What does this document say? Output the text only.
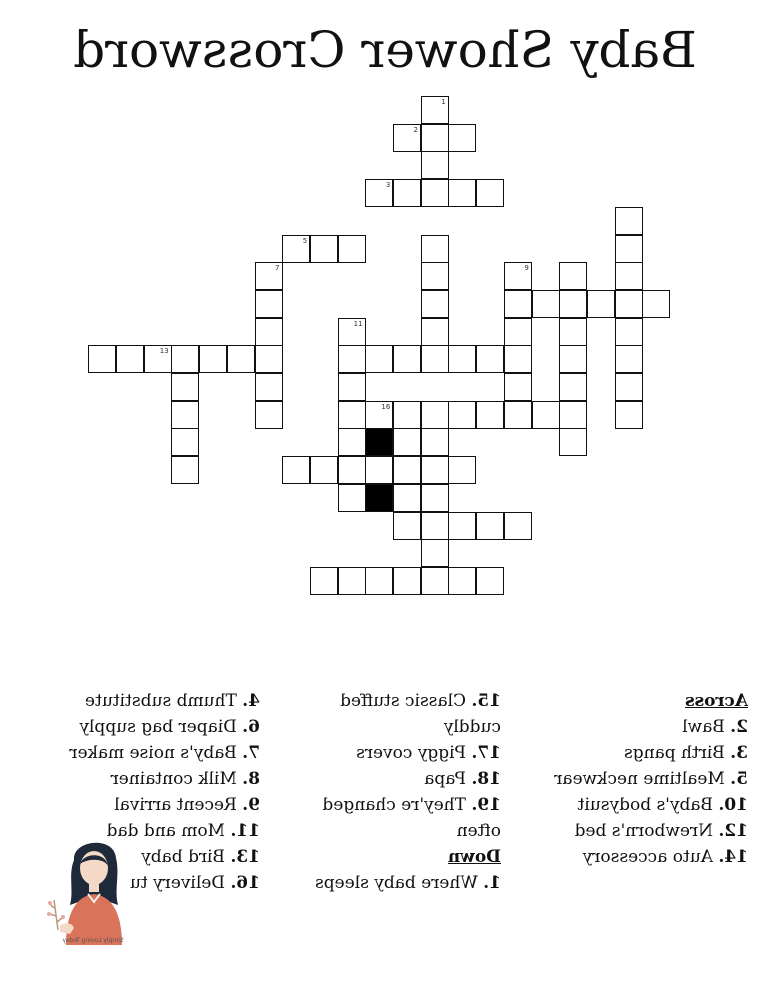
Baby Shower Crossword
1
2
3
5
9
7
11
13
16
Across
2. Bawl
3. Birth pangs
5. Mealtime neckwear
10. Baby's bodysuit
12. Nrewborn's bed
14. Auto accessory
15. Classic stuffed cuddly
17. Piggy covers
18. Papa
19. They're changed often
Down
1. Where baby sleeps
4. Thumb substitute
6. Diaper bag supply
7. Baby's noise maker
8. Milk container
9. Recent arrival
11. Mom and dad
13. Bird baby
16. Delivery tu
Simply Loving Today
